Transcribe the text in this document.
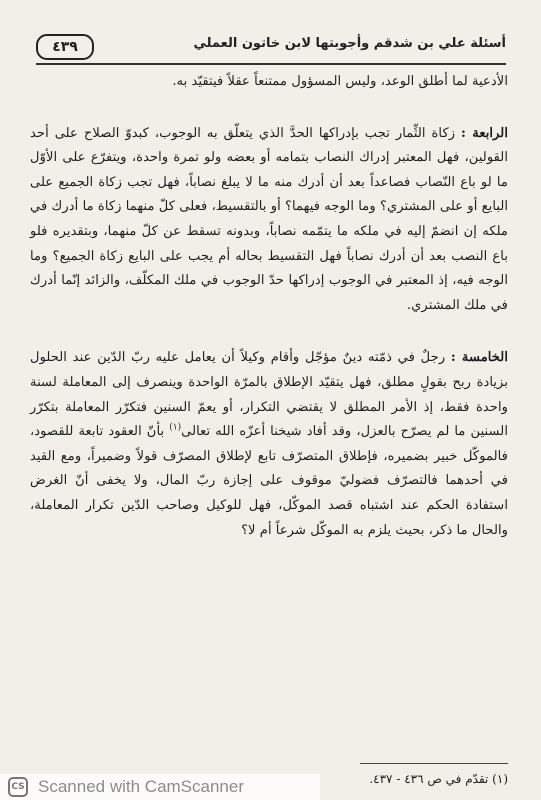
أسئلة علي بن شدقم وأجوبتها لابن خاتون العملي
٤٣٩

الأدعية لما أطلق الوعد، وليس المسؤول ممتنعاً عقلاً فيتقيّد به.

الرابعة : زكاة الثِّمار تجب بإدراكها الحدَّ الذي يتعلّق به الوجوب، كبدوّ الصلاح على أحد القولين، فهل المعتبر إدراك النصاب بتمامه أو بعضه ولو تمرة واحدة، ويتفرّع على الأوّل ما لو باع النّصاب فصاعداً بعد أن أدرك منه ما لا يبلغ نصاباً، فهل تجب زكاة الجميع على البايع أو على المشتري؟ وما الوجه فيهما؟ أو بالتقسيط، فعلى كلّ منهما زكاة ما أدرك في ملكه إن انضمّ إليه في ملكه ما يتمّمه نصاباً، وبدونه تسقط عن كلّ منهما، وبتقديره فلو باع النصب بعد أن أدرك نصاباً فهل التقسيط بحاله أم يجب على البايع زكاة الجميع؟ وما الوجه فيه، إذ المعتبر في الوجوب إدراكها حدّ الوجوب في ملك المكلّف، والزائد إنّما أدرك في ملك المشتري.

الخامسة : رجلٌ في ذمّته دينٌ مؤجّل وأقام وكيلاً أن يعامل عليه ربّ الدّين عند الحلول بزيادة ربح بقولٍ مطلق، فهل يتقيّد الإطلاق بالمرّة الواحدة وينصرف إلى المعاملة لسنة واحدة فقط، إذ الأمر المطلق لا يقتضي التكرار، أو يعمّ السنين فتكرّر المعاملة بتكرّر السنين ما لم يصرّح بالعزل، وقد أفاد شيخنا أعزّه الله تعالى$^{(١)}$ بأنّ العقود تابعة للقصود، فالموكّل خبير بضميره، فإطلاق المتصرّف تابع لإطلاق المصرّف قولاً وضميراً، ومع القيد في أحدهما فالتصرّف فضوليّ موقوف على إجازة ربّ المال، ولا يخفى أنّ الغرض استفادة الحكم عند اشتباه قصد الموكّل، فهل للوكيل وصاحب الدّين تكرار المعاملة، والحال ما ذكر، بحيث يلزم به الموكّل شرعاً أم لا؟

(١) تقدّم في ص ٤٣٦ - ٤٣٧.
CS Scanned with CamScanner
